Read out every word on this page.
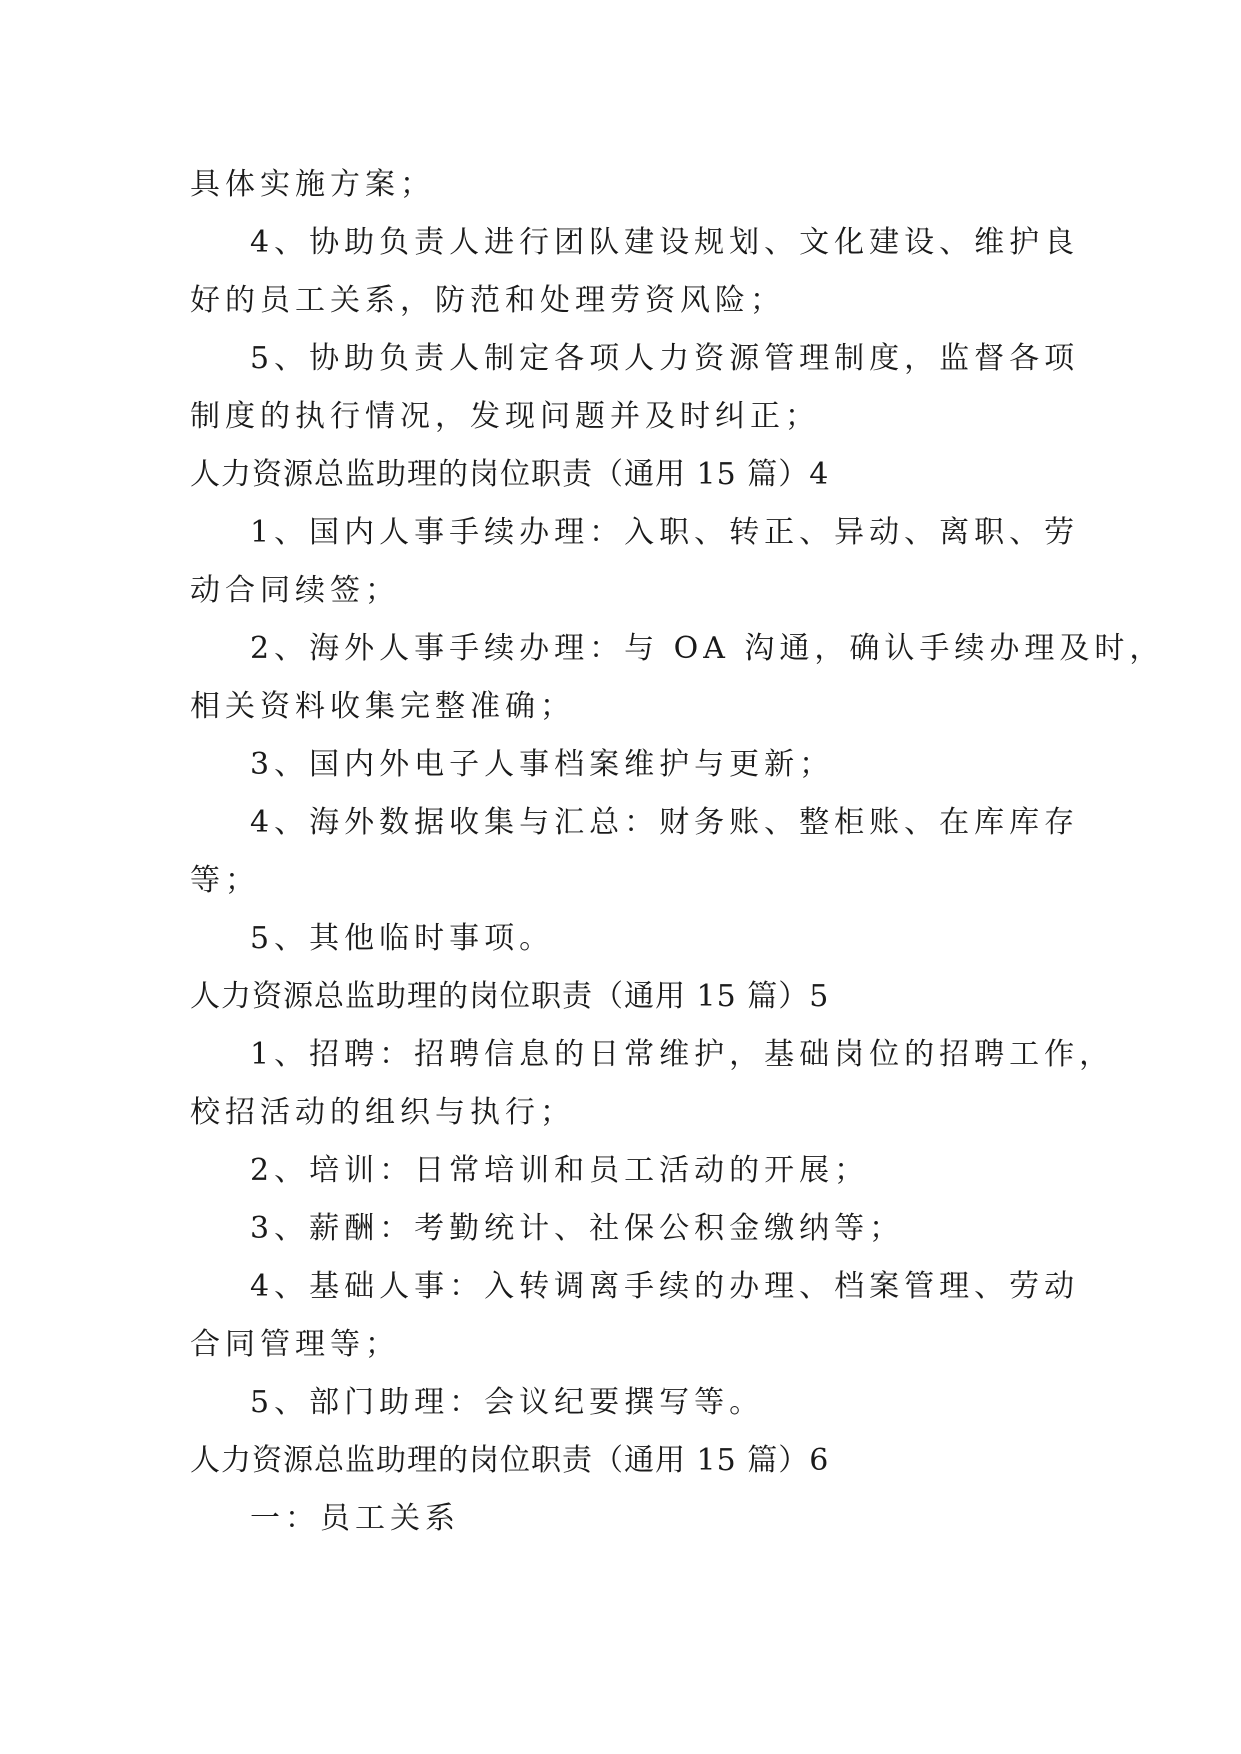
具体实施方案；
4、协助负责人进行团队建设规划、文化建设、维护良
好的员工关系，防范和处理劳资风险；
5、协助负责人制定各项人力资源管理制度，监督各项
制度的执行情况，发现问题并及时纠正；
人力资源总监助理的岗位职责（通用 15 篇）4
1、国内人事手续办理：入职、转正、异动、离职、劳
动合同续签；
2、海外人事手续办理：与 OA 沟通，确认手续办理及时，
相关资料收集完整准确；
3、国内外电子人事档案维护与更新；
4、海外数据收集与汇总：财务账、整柜账、在库库存
等；
5、其他临时事项。
人力资源总监助理的岗位职责（通用 15 篇）5
1、招聘：招聘信息的日常维护，基础岗位的招聘工作，
校招活动的组织与执行；
2、培训：日常培训和员工活动的开展；
3、薪酬：考勤统计、社保公积金缴纳等；
4、基础人事：入转调离手续的办理、档案管理、劳动
合同管理等；
5、部门助理：会议纪要撰写等。
人力资源总监助理的岗位职责（通用 15 篇）6
一：员工关系
